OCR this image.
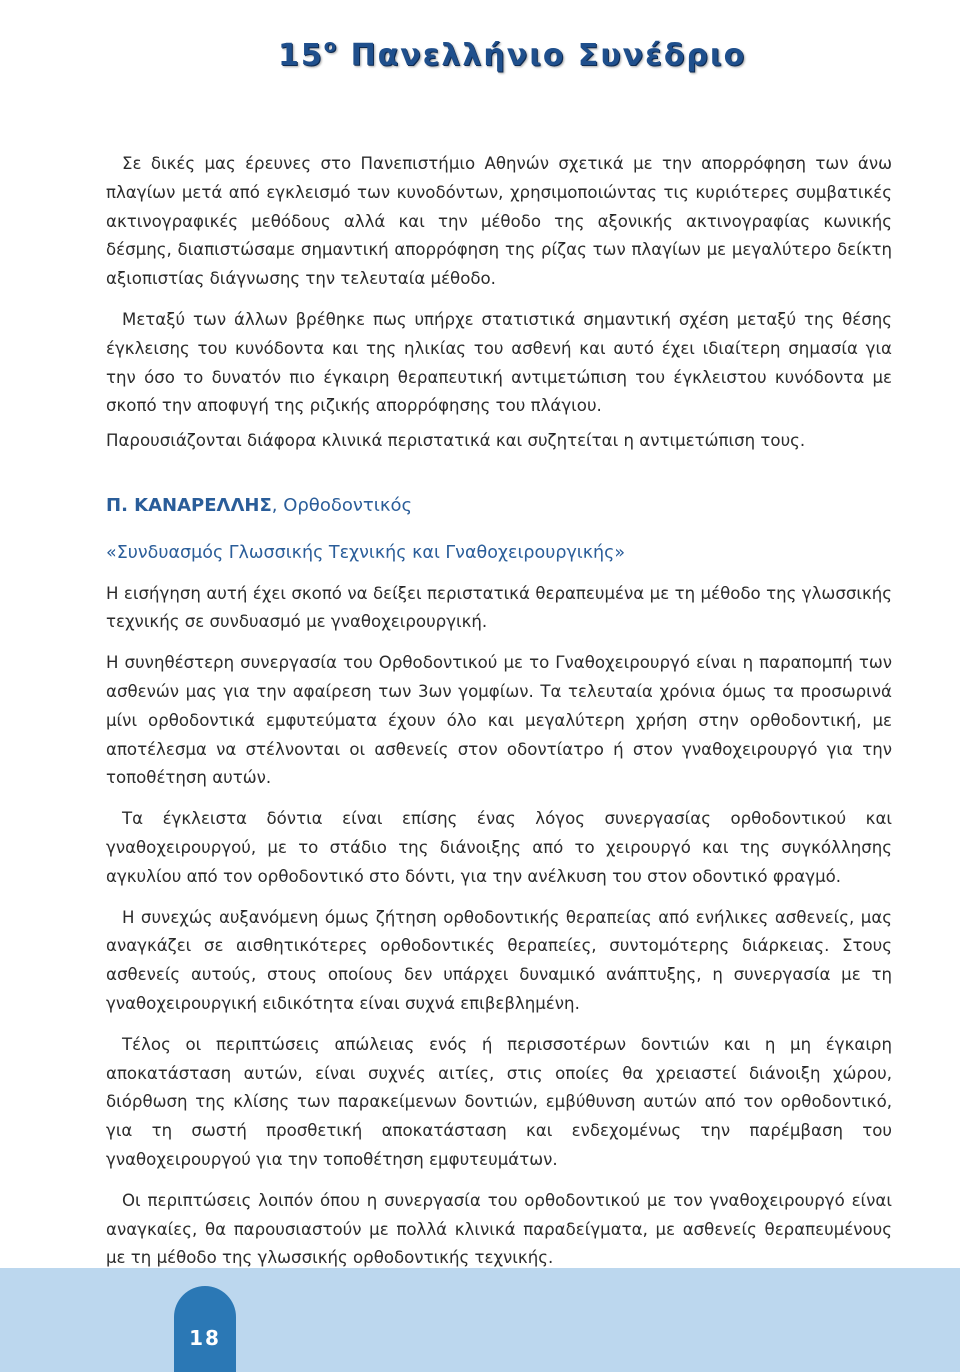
$15^o$ Πανελλήνιο Συνέδριο

Σε δικές μας έρευνες στο Πανεπιστήμιο Αθηνών σχετικά με την απορρόφηση των άνω πλαγίων μετά από εγκλεισμό των κυνοδόντων, χρησιμοποιώντας τις κυριότερες συμβατικές ακτινογραφικές μεθόδους αλλά και την μέθοδο της αξονικής ακτινογραφίας κωνικής δέσμης, διαπιστώσαμε σημαντική απορρόφηση της ρίζας των πλαγίων με μεγαλύτερο δείκτη αξιοπιστίας διάγνωσης την τελευταία μέθοδο.

Μεταξύ των άλλων βρέθηκε πως υπήρχε στατιστικά σημαντική σχέση μεταξύ της θέσης έγκλεισης του κυνόδοντα και της ηλικίας του ασθενή και αυτό έχει ιδιαίτερη σημασία για την όσο το δυνατόν πιο έγκαιρη θεραπευτική αντιμετώπιση του έγκλειστου κυνόδοντα με σκοπό την αποφυγή της ριζικής απορρόφησης του πλάγιου.

Παρουσιάζονται διάφορα κλινικά περιστατικά και συζητείται η αντιμετώπιση τους.

Π. ΚΑΝΑΡΕΛΛΗΣ, Ορθοδοντικός

«Συνδυασμός Γλωσσικής Τεχνικής και Γναθοχειρουργικής»

Η εισήγηση αυτή έχει σκοπό να δείξει περιστατικά θεραπευμένα με τη μέθοδο της γλωσσικής τεχνικής σε συνδυασμό με γναθοχειρουργική.

Η συνηθέστερη συνεργασία του Ορθοδοντικού με το Γναθοχειρουργό είναι η παραπομπή των ασθενών μας για την αφαίρεση των 3ων γομφίων. Τα τελευταία χρόνια όμως τα προσωρινά μίνι ορθοδοντικά εμφυτεύματα έχουν όλο και μεγαλύτερη χρήση στην ορθοδοντική, με αποτέλεσμα να στέλνονται οι ασθενείς στον οδοντίατρο ή στον γναθοχειρουργό για την τοποθέτηση αυτών.

Τα έγκλειστα δόντια είναι επίσης ένας λόγος συνεργασίας ορθοδοντικού και γναθοχειρουργού, με το στάδιο της διάνοιξης από το χειρουργό και της συγκόλλησης αγκυλίου από τον ορθοδοντικό στο δόντι, για την ανέλκυση του στον οδοντικό φραγμό.

Η συνεχώς αυξανόμενη όμως ζήτηση ορθοδοντικής θεραπείας από ενήλικες ασθενείς, μας αναγκάζει σε αισθητικότερες ορθοδοντικές θεραπείες, συντομότερης διάρκειας. Στους ασθενείς αυτούς, στους οποίους δεν υπάρχει δυναμικό ανάπτυξης, η συνεργασία με τη γναθοχειρουργική ειδικότητα είναι συχνά επιβεβλημένη.

Τέλος οι περιπτώσεις απώλειας ενός ή περισσοτέρων δοντιών και η μη έγκαιρη αποκατάσταση αυτών, είναι συχνές αιτίες, στις οποίες θα χρειαστεί διάνοιξη χώρου, διόρθωση της κλίσης των παρακείμενων δοντιών, εμβύθυνση αυτών από τον ορθοδοντικό, για τη σωστή προσθετική αποκατάσταση και ενδεχομένως την παρέμβαση του γναθοχειρουργού για την τοποθέτηση εμφυτευμάτων.

Οι περιπτώσεις λοιπόν όπου η συνεργασία του ορθοδοντικού με τον γναθοχειρουργό είναι αναγκαίες, θα παρουσιαστούν με πολλά κλινικά παραδείγματα, με ασθενείς θεραπευμένους με τη μέθοδο της γλωσσικής ορθοδοντικής τεχνικής.

18
